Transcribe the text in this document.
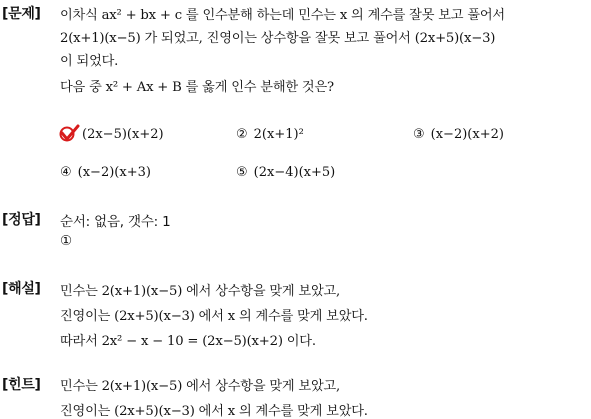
[문제] 이차식 ax² + bx + c 를 인수분해 하는데 민수는 x 의 계수를 잘못 보고 풀어서
2(x+1)(x−5) 가 되었고, 진영이는 상수항을 잘못 보고 풀어서 (2x+5)(x−3)
이 되었다.
다음 중 x² + Ax + B 를 옳게 인수 분해한 것은?
(2x−5)(x+2)	② 2(x+1)²	③ (x−2)(x+2)
④ (x−2)(x+3)	⑤ (2x−4)(x+5)
[정답] 순서: 없음, 갯수: 1
①
[해설] 민수는 2(x+1)(x−5) 에서 상수항을 맞게 보았고,
진영이는 (2x+5)(x−3) 에서 x 의 계수를 맞게 보았다.
따라서 2x² − x − 10 = (2x−5)(x+2) 이다.
[힌트] 민수는 2(x+1)(x−5) 에서 상수항을 맞게 보았고,
진영이는 (2x+5)(x−3) 에서 x 의 계수를 맞게 보았다.
